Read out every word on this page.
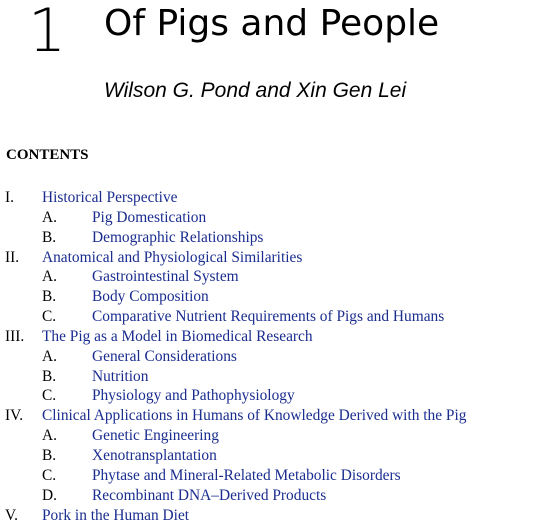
1 Of Pigs and People
Wilson G. Pond and Xin Gen Lei
CONTENTS
I. Historical Perspective
A. Pig Domestication
B. Demographic Relationships
II. Anatomical and Physiological Similarities
A. Gastrointestinal System
B. Body Composition
C. Comparative Nutrient Requirements of Pigs and Humans
III. The Pig as a Model in Biomedical Research
A. General Considerations
B. Nutrition
C. Physiology and Pathophysiology
IV. Clinical Applications in Humans of Knowledge Derived with the Pig
A. Genetic Engineering
B. Xenotransplantation
C. Phytase and Mineral-Related Metabolic Disorders
D. Recombinant DNA–Derived Products
V. Pork in the Human Diet
